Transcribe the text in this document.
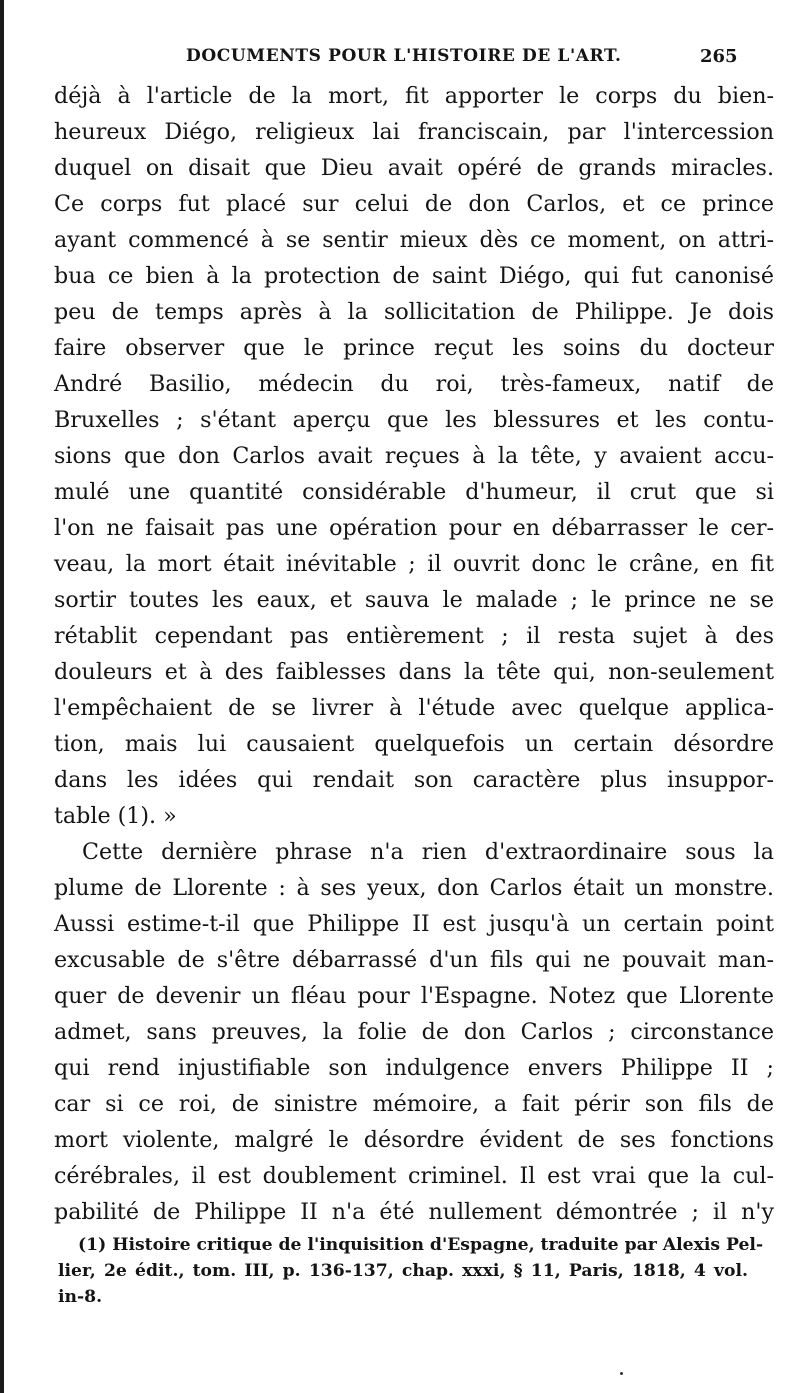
DOCUMENTS POUR L'HISTOIRE DE L'ART.	265
déjà à l'article de la mort, fit apporter le corps du bien-
heureux Diégo, religieux lai franciscain, par l'intercession
duquel on disait que Dieu avait opéré de grands miracles.
Ce corps fut placé sur celui de don Carlos, et ce prince
ayant commencé à se sentir mieux dès ce moment, on attri-
bua ce bien à la protection de saint Diégo, qui fut canonisé
peu de temps après à la sollicitation de Philippe. Je dois
faire observer que le prince reçut les soins du docteur
André Basilio, médecin du roi, très-fameux, natif de
Bruxelles ; s'étant aperçu que les blessures et les contu-
sions que don Carlos avait reçues à la tête, y avaient accu-
mulé une quantité considérable d'humeur, il crut que si
l'on ne faisait pas une opération pour en débarrasser le cer-
veau, la mort était inévitable ; il ouvrit donc le crâne, en fit
sortir toutes les eaux, et sauva le malade ; le prince ne se
rétablit cependant pas entièrement ; il resta sujet à des
douleurs et à des faiblesses dans la tête qui, non-seulement
l'empêchaient de se livrer à l'étude avec quelque applica-
tion, mais lui causaient quelquefois un certain désordre
dans les idées qui rendait son caractère plus insuppor-
table (1). »
Cette dernière phrase n'a rien d'extraordinaire sous la
plume de Llorente : à ses yeux, don Carlos était un monstre.
Aussi estime-t-il que Philippe II est jusqu'à un certain point
excusable de s'être débarrassé d'un fils qui ne pouvait man-
quer de devenir un fléau pour l'Espagne. Notez que Llorente
admet, sans preuves, la folie de don Carlos ; circonstance
qui rend injustifiable son indulgence envers Philippe II ;
car si ce roi, de sinistre mémoire, a fait périr son fils de
mort violente, malgré le désordre évident de ses fonctions
cérébrales, il est doublement criminel. Il est vrai que la cul-
pabilité de Philippe II n'a été nullement démontrée ; il n'y
(1) Histoire critique de l'inquisition d'Espagne, traduite par Alexis Pel-
lier, 2e édit., tom. III, p. 136-137, chap. xxxi, § 11, Paris, 1818, 4 vol.
in-8.
